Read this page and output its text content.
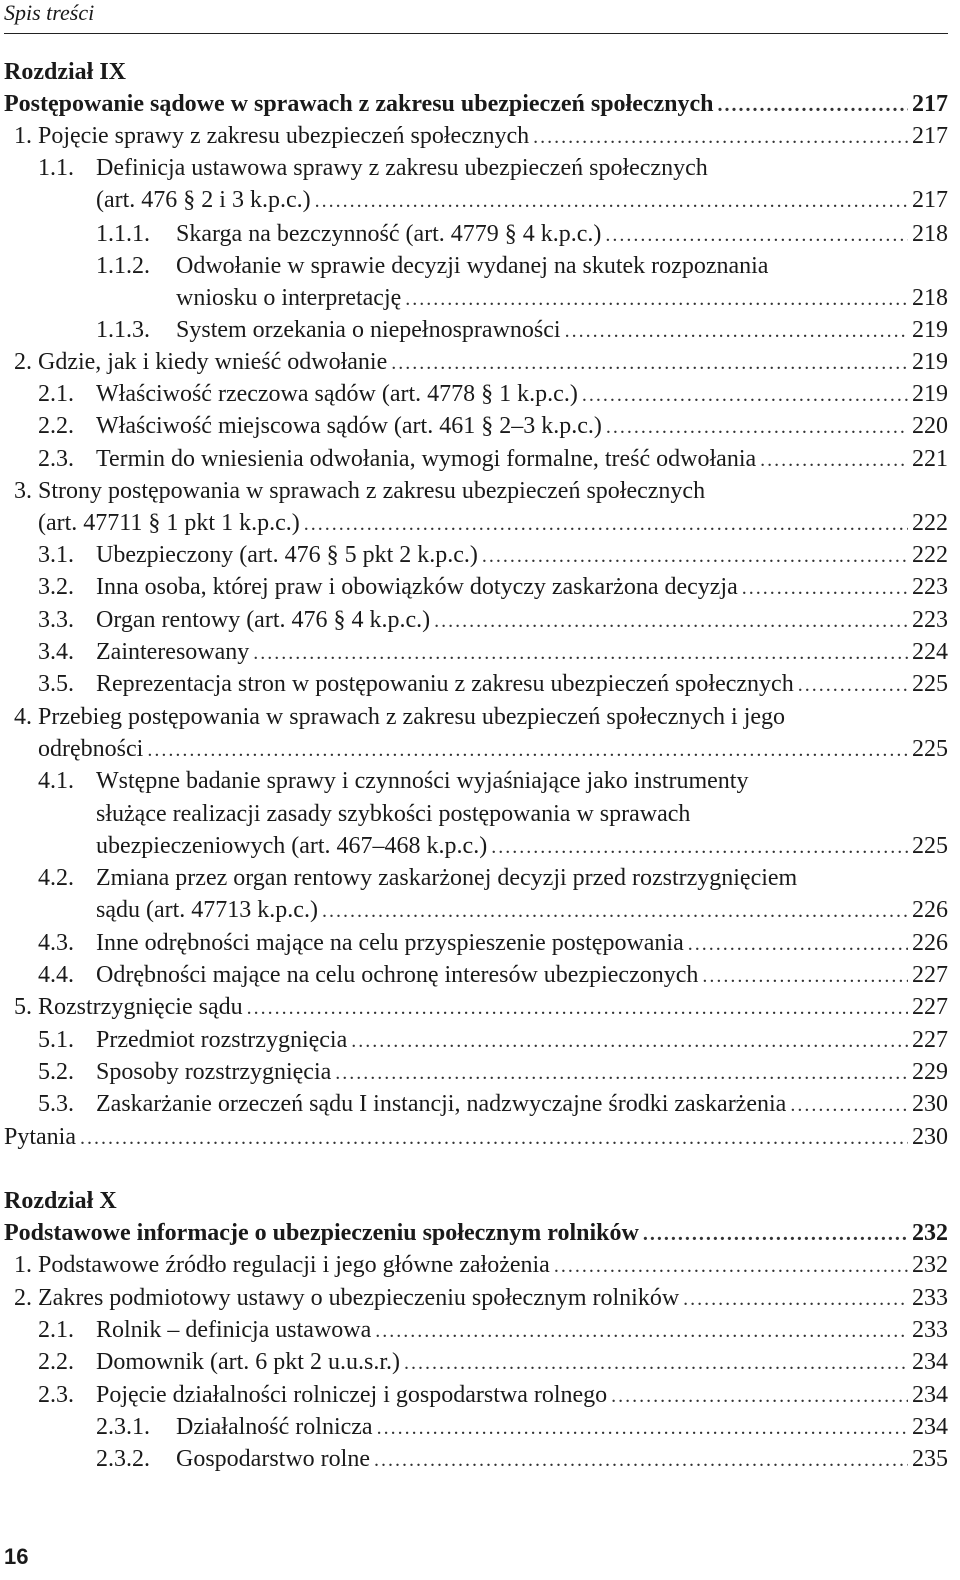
Spis treści
Rozdział IX
Postępowanie sądowe w sprawach z zakresu ubezpieczeń społecznych .....	217
1. Pojęcie sprawy z zakresu ubezpieczeń społecznych .....	217
1.1. Definicja ustawowa sprawy z zakresu ubezpieczeń społecznych
(art. 476 § 2 i 3 k.p.c.) .....	217
1.1.1. Skarga na bezczynność (art. 4779 § 4 k.p.c.) .....	218
1.1.2. Odwołanie w sprawie decyzji wydanej na skutek rozpoznania
wniosku o interpretację .....	218
1.1.3. System orzekania o niepełnosprawności .....	219
2. Gdzie, jak i kiedy wnieść odwołanie .....	219
2.1. Właściwość rzeczowa sądów (art. 4778 § 1 k.p.c.) .....	219
2.2. Właściwość miejscowa sądów (art. 461 § 2–3 k.p.c.) .....	220
2.3. Termin do wniesienia odwołania, wymogi formalne, treść odwołania .....	221
3. Strony postępowania w sprawach z zakresu ubezpieczeń społecznych
(art. 47711 § 1 pkt 1 k.p.c.) .....	222
3.1. Ubezpieczony (art. 476 § 5 pkt 2 k.p.c.) .....	222
3.2. Inna osoba, której praw i obowiązków dotyczy zaskarżona decyzja .....	223
3.3. Organ rentowy (art. 476 § 4 k.p.c.) .....	223
3.4. Zainteresowany .....	224
3.5. Reprezentacja stron w postępowaniu z zakresu ubezpieczeń społecznych .....	225
4. Przebieg postępowania w sprawach z zakresu ubezpieczeń społecznych i jego
odrębności .....	225
4.1. Wstępne badanie sprawy i czynności wyjaśniające jako instrumenty
służące realizacji zasady szybkości postępowania w sprawach
ubezpieczeniowych (art. 467–468 k.p.c.) .....	225
4.2. Zmiana przez organ rentowy zaskarżonej decyzji przed rozstrzygnięciem
sądu (art. 47713 k.p.c.) .....	226
4.3. Inne odrębności mające na celu przyspieszenie postępowania .....	226
4.4. Odrębności mające na celu ochronę interesów ubezpieczonych .....	227
5. Rozstrzygnięcie sądu .....	227
5.1. Przedmiot rozstrzygnięcia .....	227
5.2. Sposoby rozstrzygnięcia .....	229
5.3. Zaskarżanie orzeczeń sądu I instancji, nadzwyczajne środki zaskarżenia .....	230
Pytania .....	230
Rozdział X
Podstawowe informacje o ubezpieczeniu społecznym rolników .....	232
1. Podstawowe źródło regulacji i jego główne założenia .....	232
2. Zakres podmiotowy ustawy o ubezpieczeniu społecznym rolników .....	233
2.1. Rolnik – definicja ustawowa .....	233
2.2. Domownik (art. 6 pkt 2 u.u.s.r.) .....	234
2.3. Pojęcie działalności rolniczej i gospodarstwa rolnego .....	234
2.3.1. Działalność rolnicza .....	234
2.3.2. Gospodarstwo rolne .....	235
16
